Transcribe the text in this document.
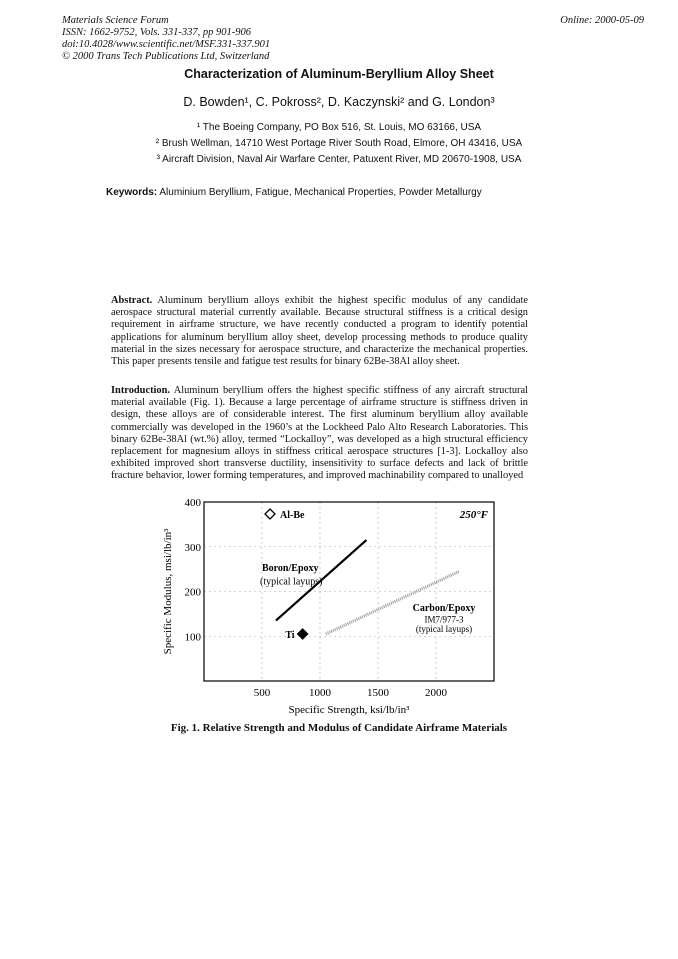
Materials Science Forum
ISSN: 1662-9752, Vols. 331-337, pp 901-906
doi:10.4028/www.scientific.net/MSF.331-337.901
© 2000 Trans Tech Publications Ltd, Switzerland
Online: 2000-05-09
Characterization of Aluminum-Beryllium Alloy Sheet
D. Bowden¹, C. Pokross², D. Kaczynski² and G. London³
¹ The Boeing Company, PO Box 516, St. Louis, MO 63166, USA
² Brush Wellman, 14710 West Portage River South Road, Elmore, OH 43416, USA
³ Aircraft Division, Naval Air Warfare Center, Patuxent River, MD 20670-1908, USA
Keywords: Aluminium Beryllium, Fatigue, Mechanical Properties, Powder Metallurgy
Abstract. Aluminum beryllium alloys exhibit the highest specific modulus of any candidate aerospace structural material currently available. Because structural stiffness is a critical design requirement in airframe structure, we have recently conducted a program to identify potential applications for aluminum beryllium alloy sheet, develop processing methods to produce quality material in the sizes necessary for aerospace structure, and characterize the mechanical properties. This paper presents tensile and fatigue test results for binary 62Be-38Al alloy sheet.
Introduction. Aluminum beryllium offers the highest specific stiffness of any aircraft structural material available (Fig. 1). Because a large percentage of airframe structure is stiffness driven in design, these alloys are of considerable interest. The first aluminum beryllium alloy available commercially was developed in the 1960’s at the Lockheed Palo Alto Research Laboratories. This binary 62Be-38Al (wt.%) alloy, termed “Lockalloy”, was developed as a high structural efficiency replacement for magnesium alloys in stiffness critical aerospace structures [1-3]. Lockalloy also exhibited improved short transverse ductility, insensitivity to surface defects and lack of brittle fracture behavior, lower forming temperatures, and improved machinability compared to unalloyed
100
200
300
400
500	1000	1500	2000
Specific Modulus, msi/lb/in³
Specific Strength, ksi/lb/in³
250°F
Al-Be
Ti
Boron/Epoxy
(typical layups)
Carbon/Epoxy
IM7/977-3
(typical layups)
Fig. 1. Relative Strength and Modulus of Candidate Airframe Materials
